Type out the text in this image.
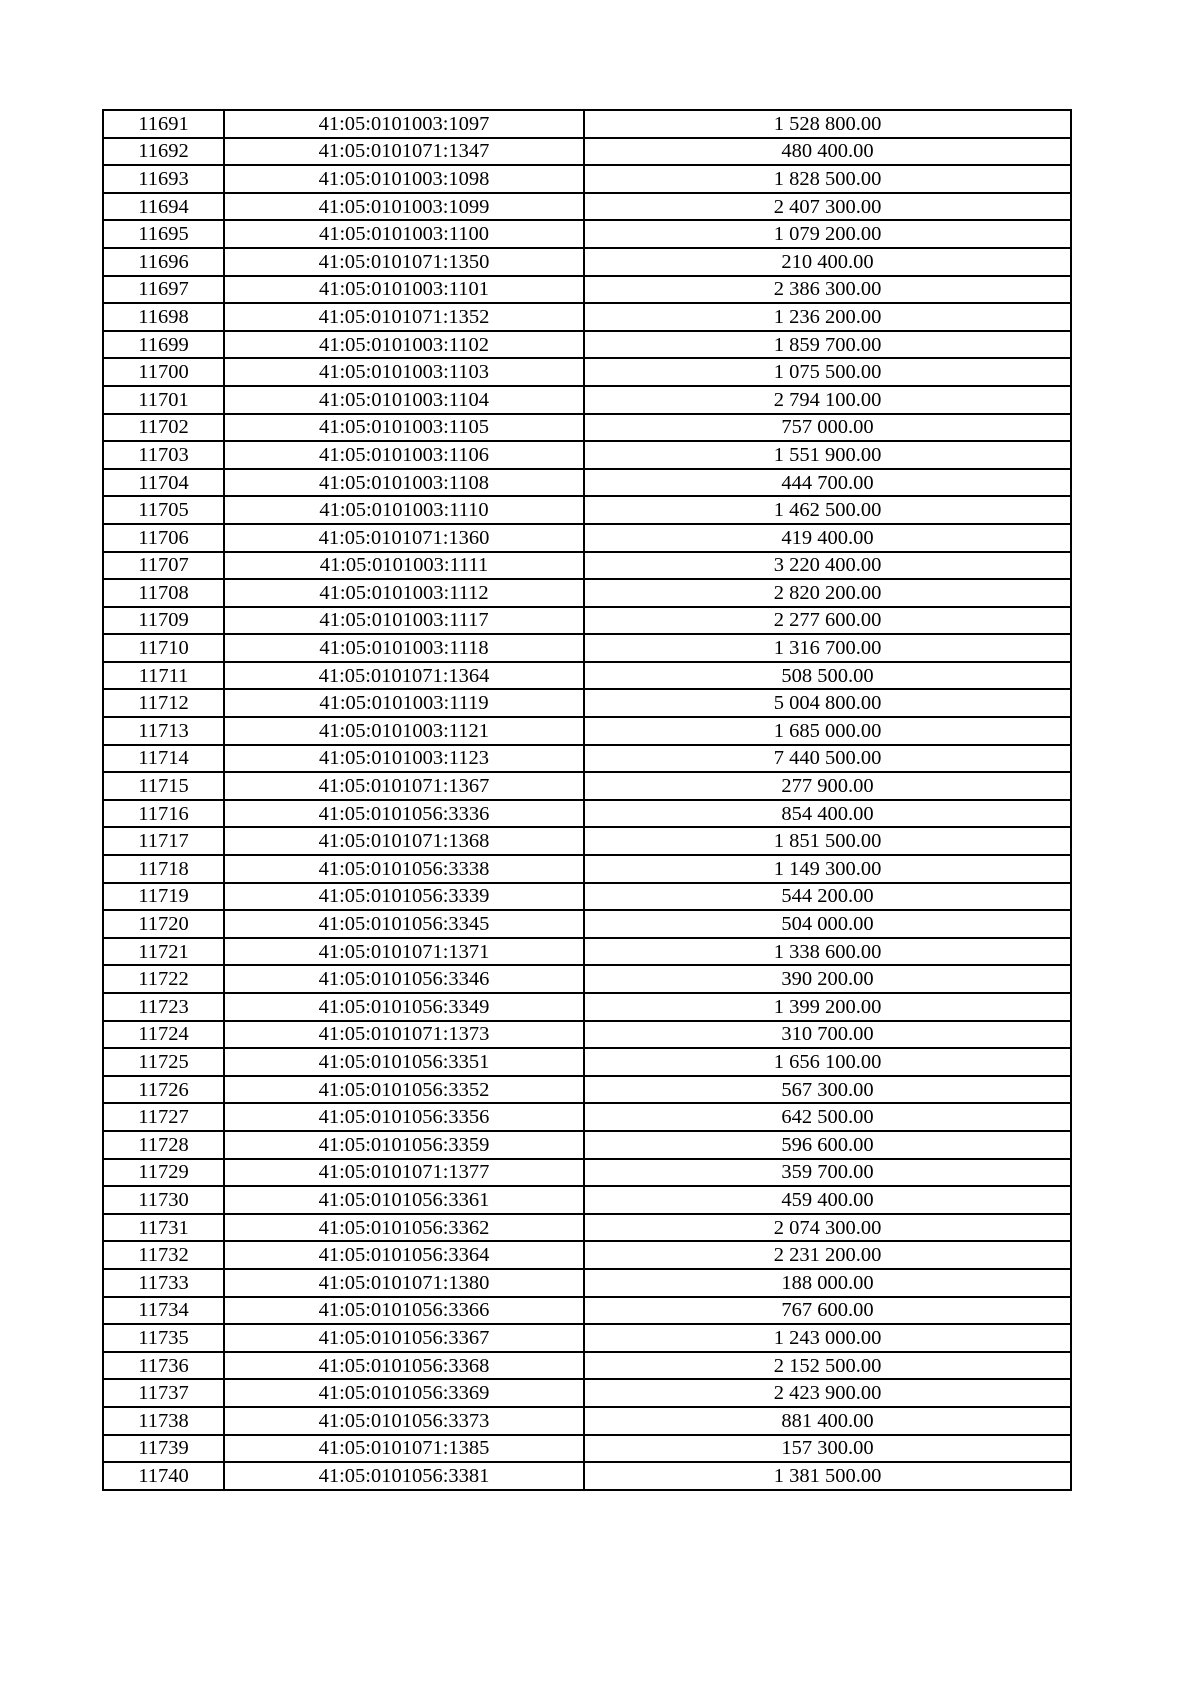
11691	41:05:0101003:1097	1 528 800.00
11692	41:05:0101071:1347	480 400.00
11693	41:05:0101003:1098	1 828 500.00
11694	41:05:0101003:1099	2 407 300.00
11695	41:05:0101003:1100	1 079 200.00
11696	41:05:0101071:1350	210 400.00
11697	41:05:0101003:1101	2 386 300.00
11698	41:05:0101071:1352	1 236 200.00
11699	41:05:0101003:1102	1 859 700.00
11700	41:05:0101003:1103	1 075 500.00
11701	41:05:0101003:1104	2 794 100.00
11702	41:05:0101003:1105	757 000.00
11703	41:05:0101003:1106	1 551 900.00
11704	41:05:0101003:1108	444 700.00
11705	41:05:0101003:1110	1 462 500.00
11706	41:05:0101071:1360	419 400.00
11707	41:05:0101003:1111	3 220 400.00
11708	41:05:0101003:1112	2 820 200.00
11709	41:05:0101003:1117	2 277 600.00
11710	41:05:0101003:1118	1 316 700.00
11711	41:05:0101071:1364	508 500.00
11712	41:05:0101003:1119	5 004 800.00
11713	41:05:0101003:1121	1 685 000.00
11714	41:05:0101003:1123	7 440 500.00
11715	41:05:0101071:1367	277 900.00
11716	41:05:0101056:3336	854 400.00
11717	41:05:0101071:1368	1 851 500.00
11718	41:05:0101056:3338	1 149 300.00
11719	41:05:0101056:3339	544 200.00
11720	41:05:0101056:3345	504 000.00
11721	41:05:0101071:1371	1 338 600.00
11722	41:05:0101056:3346	390 200.00
11723	41:05:0101056:3349	1 399 200.00
11724	41:05:0101071:1373	310 700.00
11725	41:05:0101056:3351	1 656 100.00
11726	41:05:0101056:3352	567 300.00
11727	41:05:0101056:3356	642 500.00
11728	41:05:0101056:3359	596 600.00
11729	41:05:0101071:1377	359 700.00
11730	41:05:0101056:3361	459 400.00
11731	41:05:0101056:3362	2 074 300.00
11732	41:05:0101056:3364	2 231 200.00
11733	41:05:0101071:1380	188 000.00
11734	41:05:0101056:3366	767 600.00
11735	41:05:0101056:3367	1 243 000.00
11736	41:05:0101056:3368	2 152 500.00
11737	41:05:0101056:3369	2 423 900.00
11738	41:05:0101056:3373	881 400.00
11739	41:05:0101071:1385	157 300.00
11740	41:05:0101056:3381	1 381 500.00
